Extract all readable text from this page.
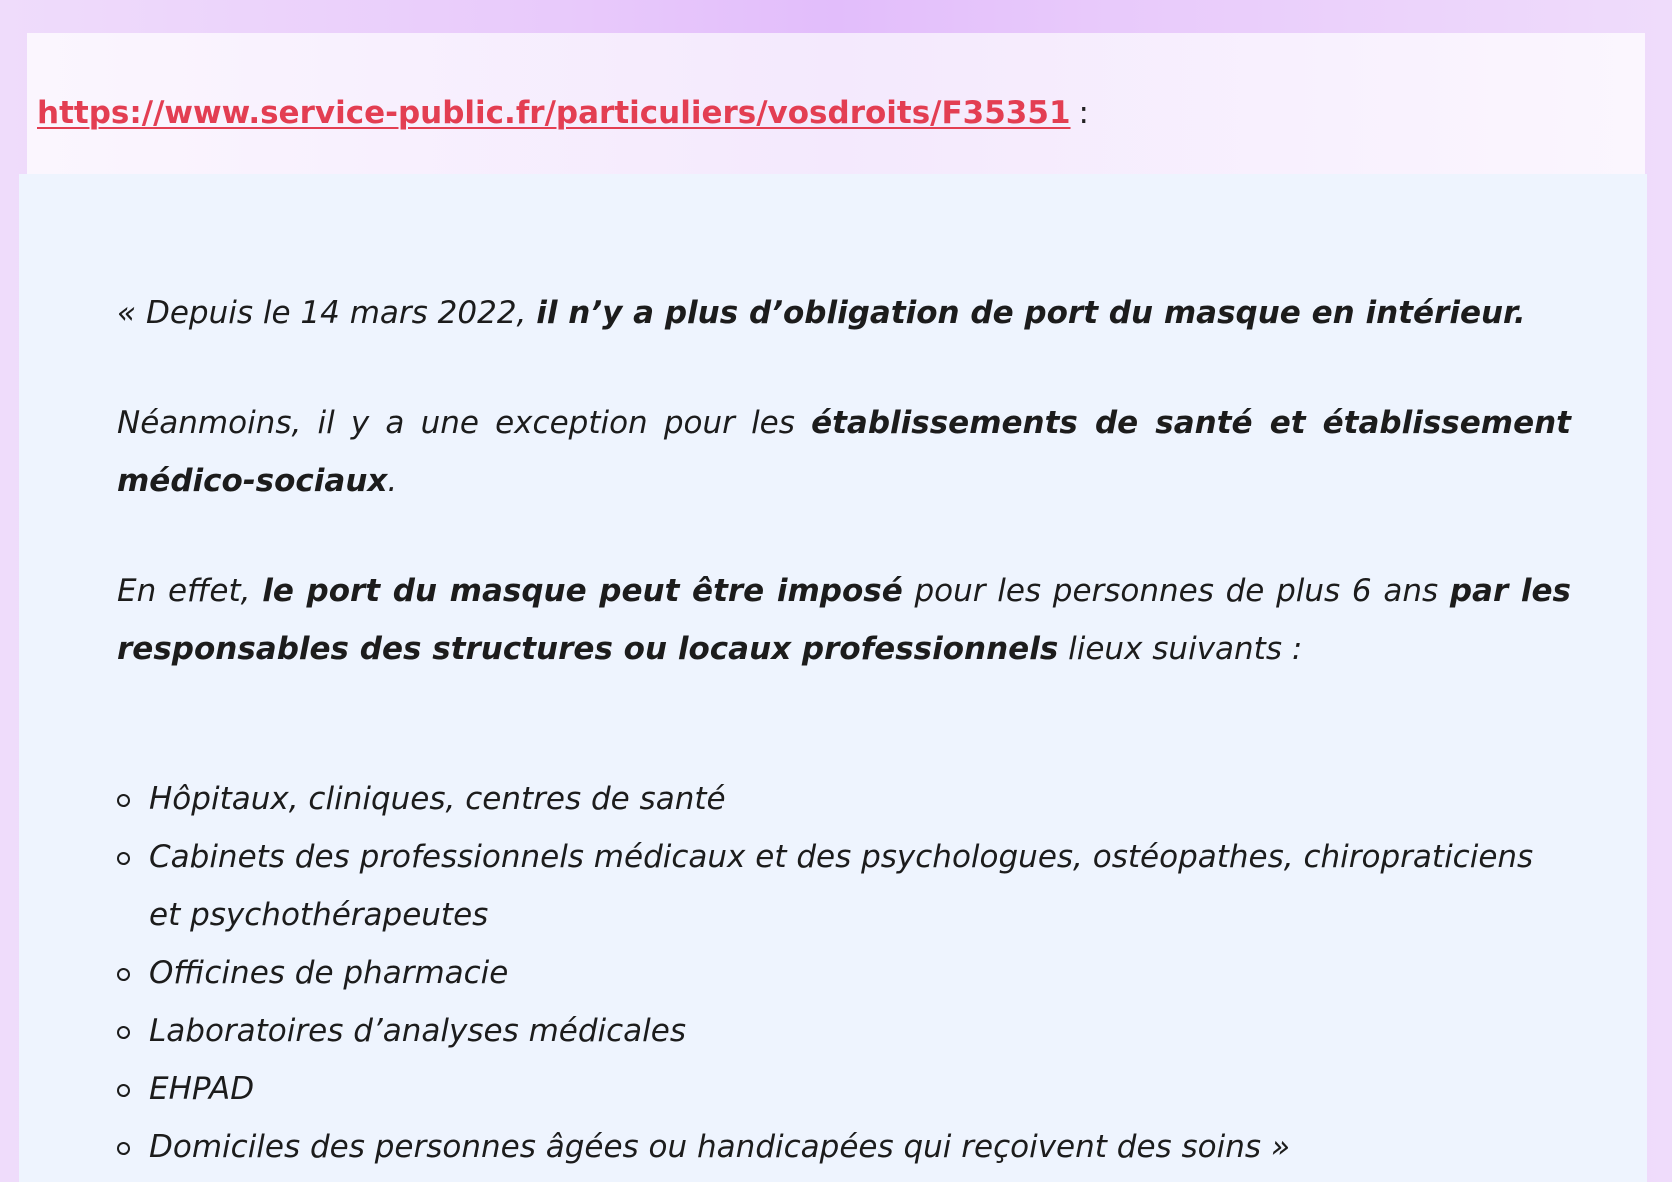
https://www.service-public.fr/particuliers/vosdroits/F35351 :

« Depuis le 14 mars 2022, il n’y a plus d’obligation de port du masque en intérieur.

Néanmoins, il y a une exception pour les établissements de santé et établissement médico-sociaux.

En effet, le port du masque peut être imposé pour les personnes de plus 6 ans par les responsables des structures ou locaux professionnels lieux suivants :

Hôpitaux, cliniques, centres de santé
Cabinets des professionnels médicaux et des psychologues, ostéopathes, chiropraticiens et psychothérapeutes
Officines de pharmacie
Laboratoires d’analyses médicales
EHPAD
Domiciles des personnes âgées ou handicapées qui reçoivent des soins »
